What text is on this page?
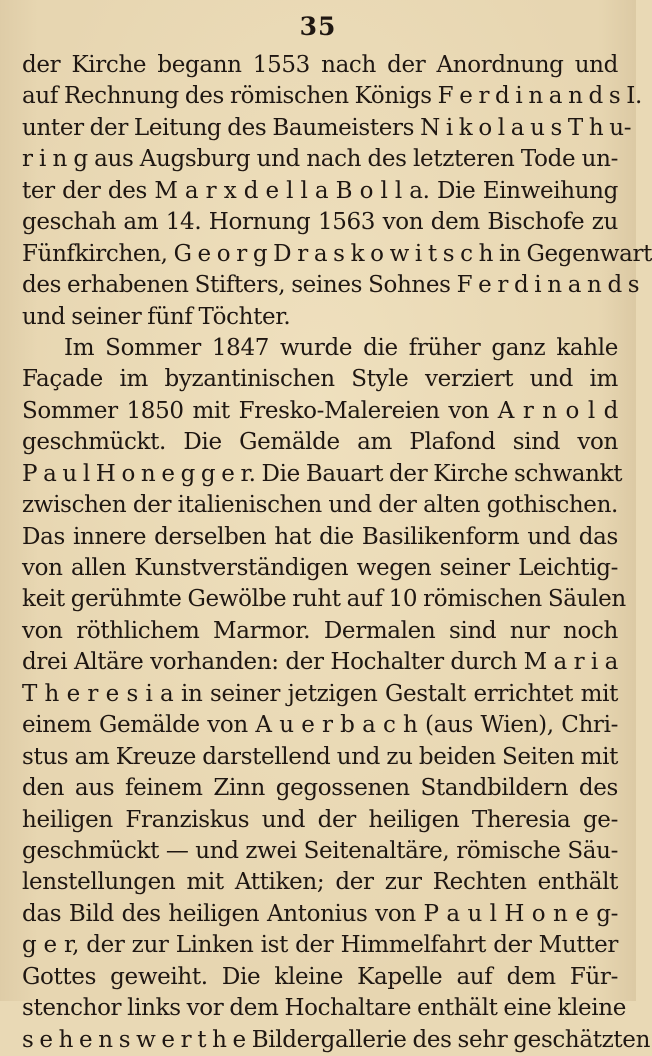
35
der Kirche begann 1553 nach der Anordnung und
auf Rechnung des römischen Königs F e r d i n a n d s I.
unter der Leitung des Baumeisters N i k o l a u s T h u-
r i n g aus Augsburg und nach des letzteren Tode un-
ter der des M a r x d e l l a B o l l a. Die Einweihung
geschah am 14. Hornung 1563 von dem Bischofe zu
Fünfkirchen, G e o r g D r a s k o w i t s c h in Gegenwart
des erhabenen Stifters, seines Sohnes F e r d i n a n d s
und seiner fünf Töchter.
Im Sommer 1847 wurde die früher ganz kahle
Façade im byzantinischen Style verziert und im
Sommer 1850 mit Fresko-Malereien von A r n o l d
geschmückt. Die Gemälde am Plafond sind von
P a u l H o n e g g e r. Die Bauart der Kirche schwankt
zwischen der italienischen und der alten gothischen.
Das innere derselben hat die Basilikenform und das
von allen Kunstverständigen wegen seiner Leichtig-
keit gerühmte Gewölbe ruht auf 10 römischen Säulen
von röthlichem Marmor. Dermalen sind nur noch
drei Altäre vorhanden: der Hochalter durch M a r i a
T h e r e s i a in seiner jetzigen Gestalt errichtet mit
einem Gemälde von A u e r b a c h (aus Wien), Chri-
stus am Kreuze darstellend und zu beiden Seiten mit
den aus feinem Zinn gegossenen Standbildern des
heiligen Franziskus und der heiligen Theresia ge-
geschmückt — und zwei Seitenaltäre, römische Säu-
lenstellungen mit Attiken; der zur Rechten enthält
das Bild des heiligen Antonius von P a u l H o n e g-
g e r, der zur Linken ist der Himmelfahrt der Mutter
Gottes geweiht. Die kleine Kapelle auf dem Für-
stenchor links vor dem Hochaltare enthält eine kleine
s e h e n s w e r t h e Bildergallerie des sehr geschätzten
